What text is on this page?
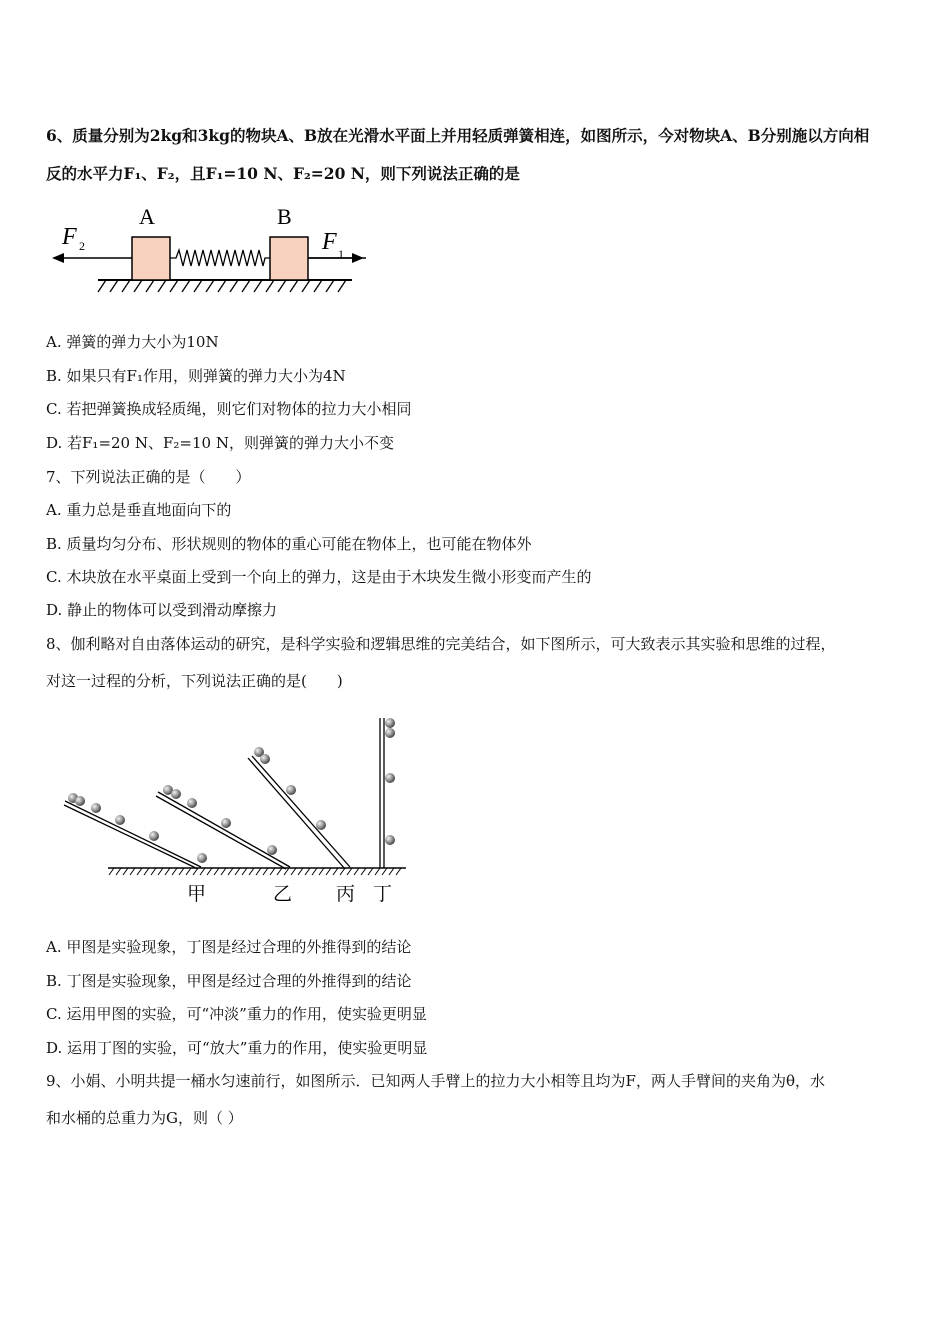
6、质量分别为2kg和3kg的物块A、B放在光滑水平面上并用轻质弹簧相连，如图所示，今对物块A、B分别施以方向相
反的水平力F₁、F₂，且F₁=10 N、F₂=20 N，则下列说法正确的是
A	B
F 2	F 1
A. 弹簧的弹力大小为10N
B. 如果只有F₁作用，则弹簧的弹力大小为4N
C. 若把弹簧换成轻质绳，则它们对物体的拉力大小相同
D. 若F₁=20 N、F₂=10 N，则弹簧的弹力大小不变
7、下列说法正确的是（　　）
A. 重力总是垂直地面向下的
B. 质量均匀分布、形状规则的物体的重心可能在物体上，也可能在物体外
C. 木块放在水平桌面上受到一个向上的弹力，这是由于木块发生微小形变而产生的
D. 静止的物体可以受到滑动摩擦力
8、伽利略对自由落体运动的研究，是科学实验和逻辑思维的完美结合，如下图所示，可大致表示其实验和思维的过程，
对这一过程的分析，下列说法正确的是(　　)
甲	乙 丙 丁
A. 甲图是实验现象，丁图是经过合理的外推得到的结论
B. 丁图是实验现象，甲图是经过合理的外推得到的结论
C. 运用甲图的实验，可“冲淡”重力的作用，使实验更明显
D. 运用丁图的实验，可“放大”重力的作用，使实验更明显
9、小娟、小明共提一桶水匀速前行，如图所示．已知两人手臂上的拉力大小相等且均为F，两人手臂间的夹角为θ，水
和水桶的总重力为G，则（ ）
